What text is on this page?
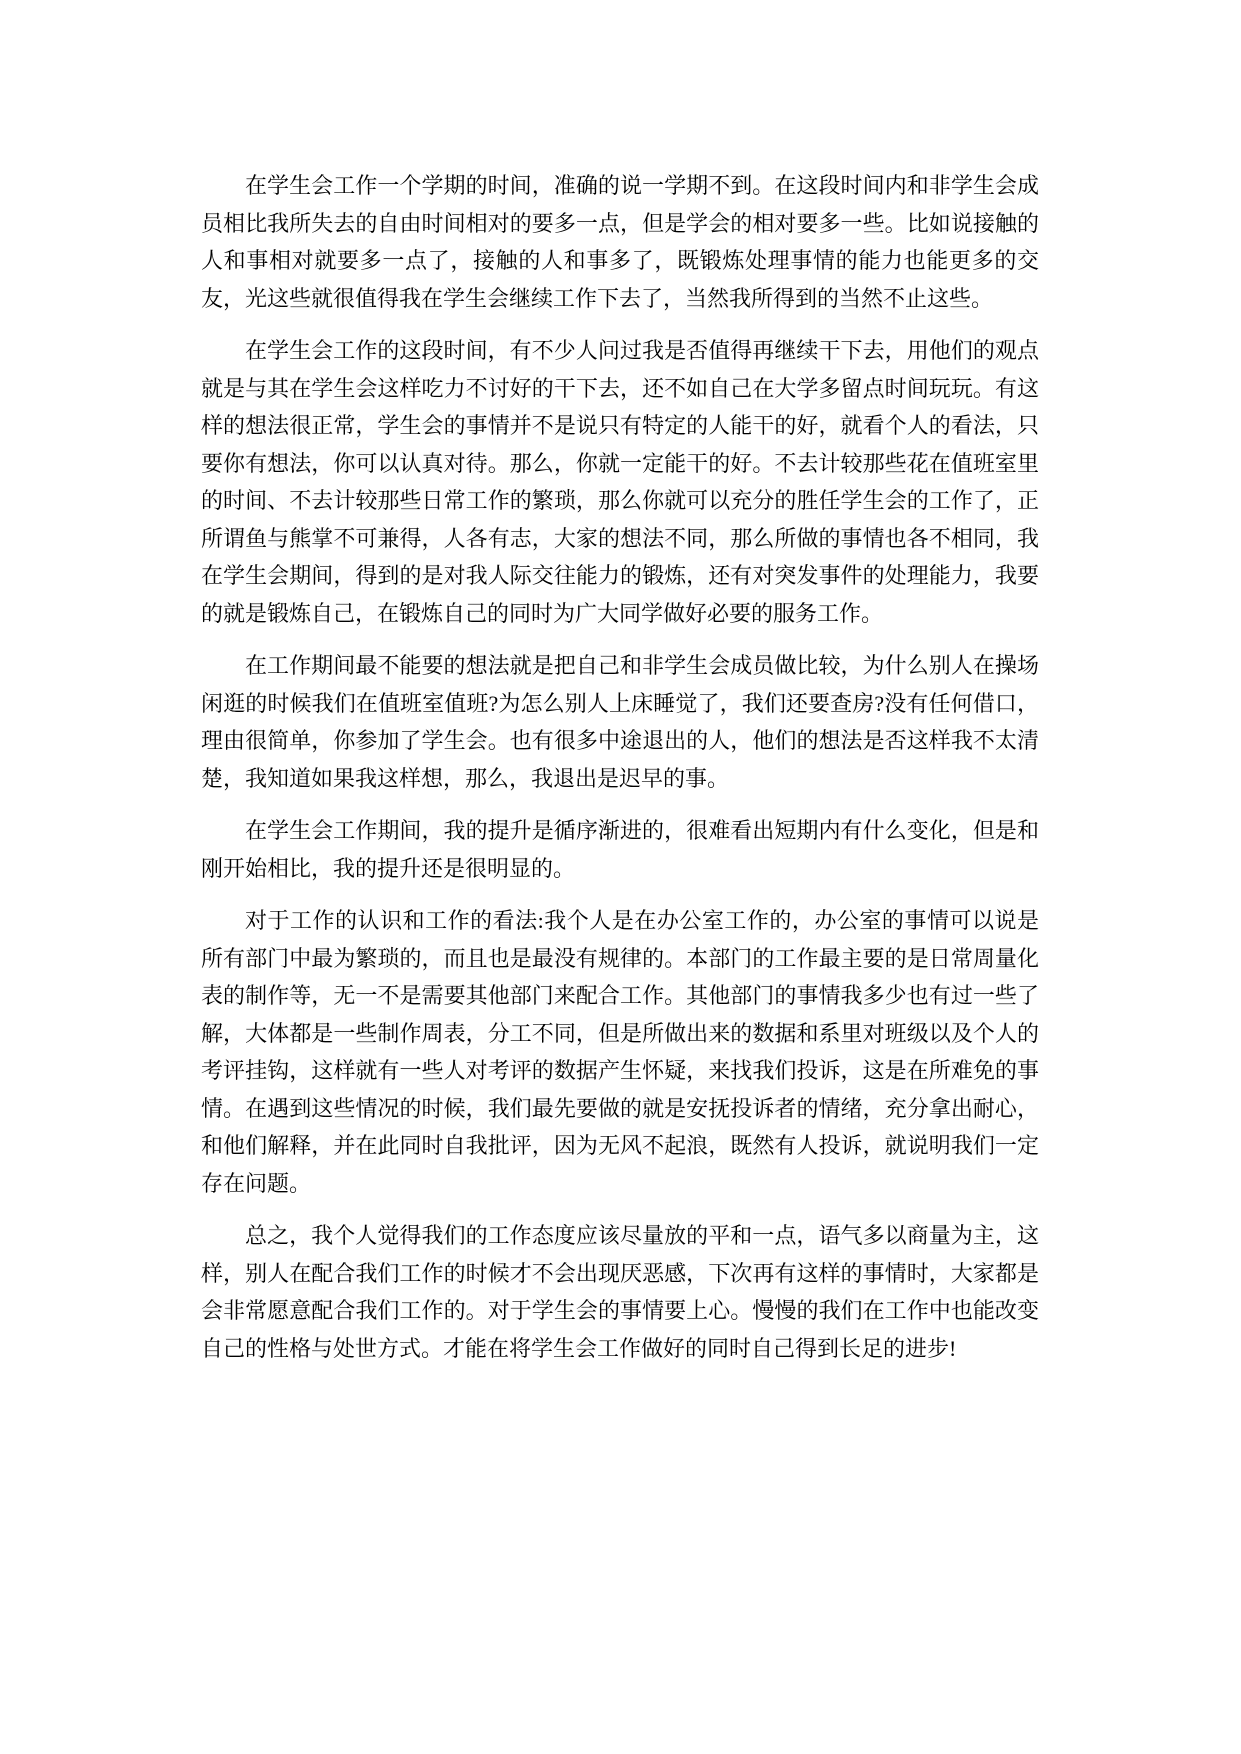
在学生会工作一个学期的时间，准确的说一学期不到。在这段时间内和非学生会成员相比我所失去的自由时间相对的要多一点，但是学会的相对要多一些。比如说接触的人和事相对就要多一点了，接触的人和事多了，既锻炼处理事情的能力也能更多的交友，光这些就很值得我在学生会继续工作下去了，当然我所得到的当然不止这些。

在学生会工作的这段时间，有不少人问过我是否值得再继续干下去，用他们的观点就是与其在学生会这样吃力不讨好的干下去，还不如自己在大学多留点时间玩玩。有这样的想法很正常，学生会的事情并不是说只有特定的人能干的好，就看个人的看法，只要你有想法，你可以认真对待。那么，你就一定能干的好。不去计较那些花在值班室里的时间、不去计较那些日常工作的繁琐，那么你就可以充分的胜任学生会的工作了，正所谓鱼与熊掌不可兼得，人各有志，大家的想法不同，那么所做的事情也各不相同，我在学生会期间，得到的是对我人际交往能力的锻炼，还有对突发事件的处理能力，我要的就是锻炼自己，在锻炼自己的同时为广大同学做好必要的服务工作。

在工作期间最不能要的想法就是把自己和非学生会成员做比较，为什么别人在操场闲逛的时候我们在值班室值班?为怎么别人上床睡觉了，我们还要查房?没有任何借口，理由很简单，你参加了学生会。也有很多中途退出的人，他们的想法是否这样我不太清楚，我知道如果我这样想，那么，我退出是迟早的事。

在学生会工作期间，我的提升是循序渐进的，很难看出短期内有什么变化，但是和刚开始相比，我的提升还是很明显的。

对于工作的认识和工作的看法:我个人是在办公室工作的，办公室的事情可以说是所有部门中最为繁琐的，而且也是最没有规律的。本部门的工作最主要的是日常周量化表的制作等，无一不是需要其他部门来配合工作。其他部门的事情我多少也有过一些了解，大体都是一些制作周表，分工不同，但是所做出来的数据和系里对班级以及个人的考评挂钩，这样就有一些人对考评的数据产生怀疑，来找我们投诉，这是在所难免的事情。在遇到这些情况的时候，我们最先要做的就是安抚投诉者的情绪，充分拿出耐心，和他们解释，并在此同时自我批评，因为无风不起浪，既然有人投诉，就说明我们一定存在问题。

总之，我个人觉得我们的工作态度应该尽量放的平和一点，语气多以商量为主，这样，别人在配合我们工作的时候才不会出现厌恶感，下次再有这样的事情时，大家都是会非常愿意配合我们工作的。对于学生会的事情要上心。慢慢的我们在工作中也能改变自己的性格与处世方式。才能在将学生会工作做好的同时自己得到长足的进步!
